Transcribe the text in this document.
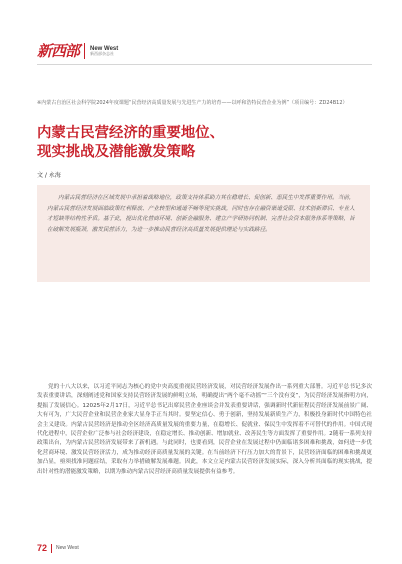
新西部 New West
新西部杂志社
※内蒙古自治区社会科学院2024年度课题“民营经济高质量发展与先进生产力的培育——以呼和浩特民营企业为例”（项目编号：ZD24B12）
内蒙古民营经济的重要地位、
现实挑战及潜能激发策略
文 / 永海
内蒙古民营经济在区域发展中承担着战略地位，政策支持体系助力其在稳增长、促创新、惠民生中发挥重要作用。当前，内蒙古民营经济发展面临政策红利释放、产业转型和通道不畅等现实挑战，同时也存在融资渠道受限、技术创新滞后、专业人才短缺等结构性矛盾。基于此，提出优化营商环境、创新金融服务、建立产学研协同机制、完善社会资本服务体系等策略，旨在破解发展瓶颈，激发民营活力，为进一步推动民营经济高质量发展提供理论与实践路径。

党的十八大以来，以习近平同志为核心的党中央高度重视民营经济发展，对民营经济发展作出一系列重大部署。习近平总书记多次发表重要讲话，深刻阐述党和国家支持民营经济发展的鲜明立场，明确提出“两个毫不动摇”“三个没有变”，为民营经济发展指明方向，提振了发展信心。12025年2月17日，习近平总书记出席民营企业座谈会并发表重要讲话，强调新时代新征程民营经济发展前景广阔、大有可为，广大民营企业和民营企业家大显身手正当其时。要坚定信心、勇于创新，坚持发展新质生产力，积极投身新时代中国特色社会主义建设。内蒙古民营经济是推动全区经济高质量发展的重要力量，在稳增长、促就业、保民生中发挥着不可替代的作用。中国式现代化进程中，民营企业广泛参与社会经济建设，在稳定增长、推动创新、增加就业、改善民生等方面发挥了重要作用。2随着一系列支持政策出台，为内蒙古民营经济发展带来了新机遇。与此同时，也要看到，民营企业在发展过程中仍面临诸多困难和挑战，如何进一步优化营商环境、激发民营经济活力，成为推动经济高质量发展的关键。在当前经济下行压力加大的背景下，民营经济面临的困难和挑战更加凸显，亟须找准问题症结，采取有力举措破解发展难题。因此，本文立足内蒙古民营经济发展实际，深入分析其面临的现实挑战，提出针对性的潜能激发策略，以期为推动内蒙古民营经济高质量发展提供有益参考。

72 New West
